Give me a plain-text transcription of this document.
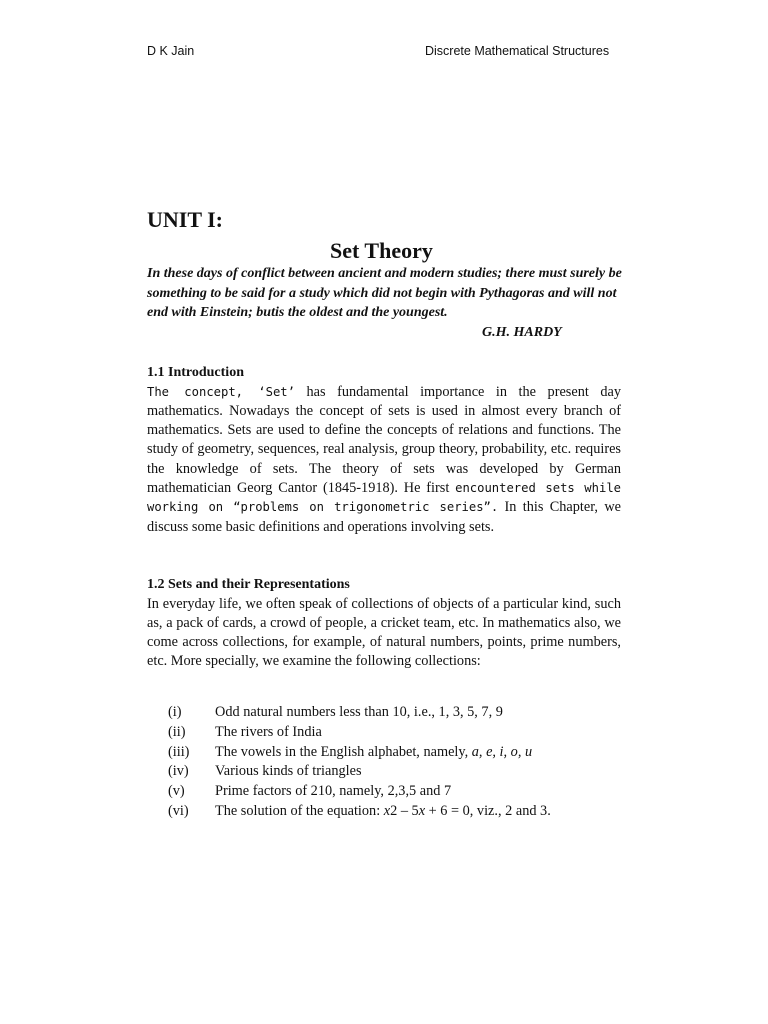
D K Jain	Discrete Mathematical Structures
UNIT I:
Set Theory
In these days of conflict between ancient and modern studies; there must surely be something to be said for a study which did not begin with Pythagoras and will not end with Einstein; butis the oldest and the youngest.
G.H. HARDY
1.1 Introduction

The concept, ‘Set’ has fundamental importance in the present day mathematics. Nowadays the concept of sets is used in almost every branch of mathematics. Sets are used to define the concepts of relations and functions. The study of geometry, sequences, real analysis, group theory, probability, etc. requires the knowledge of sets. The theory of sets was developed by German mathematician Georg Cantor (1845-1918). He first encountered sets while working on “problems on trigonometric series”. In this Chapter, we discuss some basic definitions and operations involving sets.

1.2 Sets and their Representations

In everyday life, we often speak of collections of objects of a particular kind, such as, a pack of cards, a crowd of people, a cricket team, etc. In mathematics also, we come across collections, for example, of natural numbers, points, prime numbers, etc. More specially, we examine the following collections:

(i) Odd natural numbers less than 10, i.e., 1, 3, 5, 7, 9
(ii) The rivers of India
(iii) The vowels in the English alphabet, namely, a, e, i, o, u
(iv) Various kinds of triangles
(v) Prime factors of 210, namely, 2,3,5 and 7
(vi) The solution of the equation: x2 – 5x + 6 = 0, viz., 2 and 3.
